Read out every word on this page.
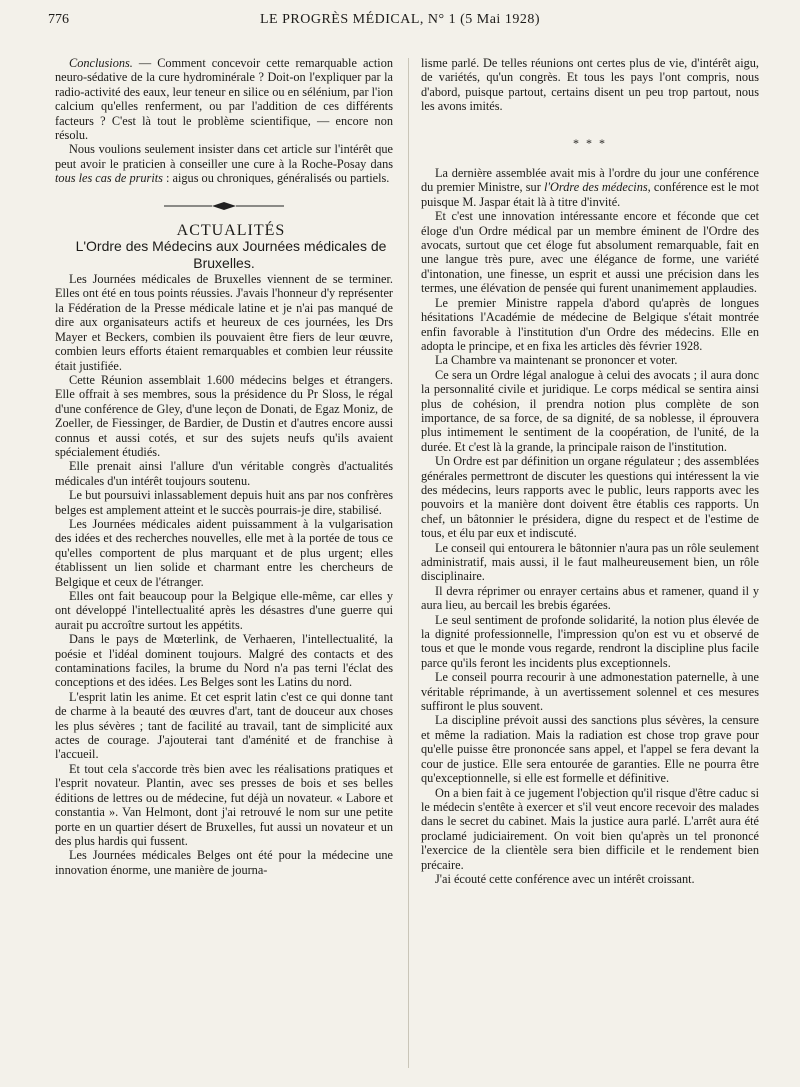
776	LE PROGRÈS MÉDICAL, N° 1 (5 Mai 1928)

Conclusions. — Comment concevoir cette remarquable action neuro-sédative de la cure hydrominérale ? Doit-on l'expliquer par la radio-activité des eaux, leur teneur en silice ou en sélénium, par l'ion calcium qu'elles renferment, ou par l'addition de ces différents facteurs ? C'est là tout le problème scientifique, — encore non résolu.

Nous voulions seulement insister dans cet article sur l'intérêt que peut avoir le praticien à conseiller une cure à la Roche-Posay dans tous les cas de prurits : aigus ou chroniques, généralisés ou partiels.

ACTUALITÉS

L'Ordre des Médecins aux Journées médicales de Bruxelles.

Les Journées médicales de Bruxelles viennent de se terminer. Elles ont été en tous points réussies. J'avais l'honneur d'y représenter la Fédération de la Presse médicale latine et je n'ai pas manqué de dire aux organisateurs actifs et heureux de ces journées, les Drs Mayer et Beckers, combien ils pouvaient être fiers de leur œuvre, combien leurs efforts étaient remarquables et combien leur réussite était justifiée.

Cette Réunion assemblait 1.600 médecins belges et étrangers. Elle offrait à ses membres, sous la présidence du Pr Sloss, le régal d'une conférence de Gley, d'une leçon de Donati, de Egaz Moniz, de Zoeller, de Fiessinger, de Bardier, de Dustin et d'autres encore aussi connus et aussi cotés, et sur des sujets neufs qu'ils avaient spécialement étudiés.

Elle prenait ainsi l'allure d'un véritable congrès d'actualités médicales d'un intérêt toujours soutenu.

Le but poursuivi inlassablement depuis huit ans par nos confrères belges est amplement atteint et le succès pourrais-je dire, stabilisé.

Les Journées médicales aident puissamment à la vulgarisation des idées et des recherches nouvelles, elle met à la portée de tous ce qu'elles comportent de plus marquant et de plus urgent; elles établissent un lien solide et charmant entre les chercheurs de Belgique et ceux de l'étranger.

Elles ont fait beaucoup pour la Belgique elle-même, car elles y ont développé l'intellectualité après les désastres d'une guerre qui aurait pu accroître surtout les appétits.

Dans le pays de Mœterlink, de Verhaeren, l'intellectualité, la poésie et l'idéal dominent toujours. Malgré des contacts et des contaminations faciles, la brume du Nord n'a pas terni l'éclat des conceptions et des idées. Les Belges sont les Latins du nord.

L'esprit latin les anime. Et cet esprit latin c'est ce qui donne tant de charme à la beauté des œuvres d'art, tant de douceur aux choses les plus sévères ; tant de facilité au travail, tant de simplicité aux actes de courage. J'ajouterai tant d'aménité et de franchise à l'accueil.

Et tout cela s'accorde très bien avec les réalisations pratiques et l'esprit novateur. Plantin, avec ses presses de bois et ses belles éditions de lettres ou de médecine, fut déjà un novateur. « Labore et constantia ». Van Helmont, dont j'ai retrouvé le nom sur une petite porte en un quartier désert de Bruxelles, fut aussi un novateur et un des plus hardis qui fussent.

Les Journées médicales Belges ont été pour la médecine une innovation énorme, une manière de journa-

lisme parlé. De telles réunions ont certes plus de vie, d'intérêt aigu, de variétés, qu'un congrès. Et tous les pays l'ont compris, nous d'abord, puisque partout, certains disent un peu trop partout, nous les avons imités.

* * *

La dernière assemblée avait mis à l'ordre du jour une conférence du premier Ministre, sur l'Ordre des médecins, conférence est le mot puisque M. Jaspar était là à titre d'invité.

Et c'est une innovation intéressante encore et féconde que cet éloge d'un Ordre médical par un membre éminent de l'Ordre des avocats, surtout que cet éloge fut absolument remarquable, fait en une langue très pure, avec une élégance de forme, une variété d'intonation, une finesse, un esprit et aussi une précision dans les termes, une élévation de pensée qui furent unanimement applaudies.

Le premier Ministre rappela d'abord qu'après de longues hésitations l'Académie de médecine de Belgique s'était montrée enfin favorable à l'institution d'un Ordre des médecins. Elle en adopta le principe, et en fixa les articles dès février 1928.

La Chambre va maintenant se prononcer et voter.

Ce sera un Ordre légal analogue à celui des avocats ; il aura donc la personnalité civile et juridique. Le corps médical se sentira ainsi plus de cohésion, il prendra notion plus complète de son importance, de sa force, de sa dignité, de sa noblesse, il éprouvera plus intimement le sentiment de la coopération, de l'unité, de la durée. Et c'est là la grande, la principale raison de l'institution.

Un Ordre est par définition un organe régulateur ; des assemblées générales permettront de discuter les questions qui intéressent la vie des médecins, leurs rapports avec le public, leurs rapports avec les pouvoirs et la manière dont doivent être établis ces rapports. Un chef, un bâtonnier le présidera, digne du respect et de l'estime de tous, et élu par eux et indiscuté.

Le conseil qui entourera le bâtonnier n'aura pas un rôle seulement administratif, mais aussi, il le faut malheureusement bien, un rôle disciplinaire.

Il devra réprimer ou enrayer certains abus et ramener, quand il y aura lieu, au bercail les brebis égarées.

Le seul sentiment de profonde solidarité, la notion plus élevée de la dignité professionnelle, l'impression qu'on est vu et observé de tous et que le monde vous regarde, rendront la discipline plus facile parce qu'ils feront les incidents plus exceptionnels.

Le conseil pourra recourir à une admonestation paternelle, à une véritable réprimande, à un avertissement solennel et ces mesures suffiront le plus souvent.

La discipline prévoit aussi des sanctions plus sévères, la censure et même la radiation. Mais la radiation est chose trop grave pour qu'elle puisse être prononcée sans appel, et l'appel se fera devant la cour de justice. Elle sera entourée de garanties. Elle ne pourra être qu'exceptionnelle, si elle est formelle et définitive.

On a bien fait à ce jugement l'objection qu'il risque d'être caduc si le médecin s'entête à exercer et s'il veut encore recevoir des malades dans le secret du cabinet. Mais la justice aura parlé. L'arrêt aura été proclamé judiciairement. On voit bien qu'après un tel prononcé l'exercice de la clientèle sera bien difficile et le rendement bien précaire.

J'ai écouté cette conférence avec un intérêt croissant.
